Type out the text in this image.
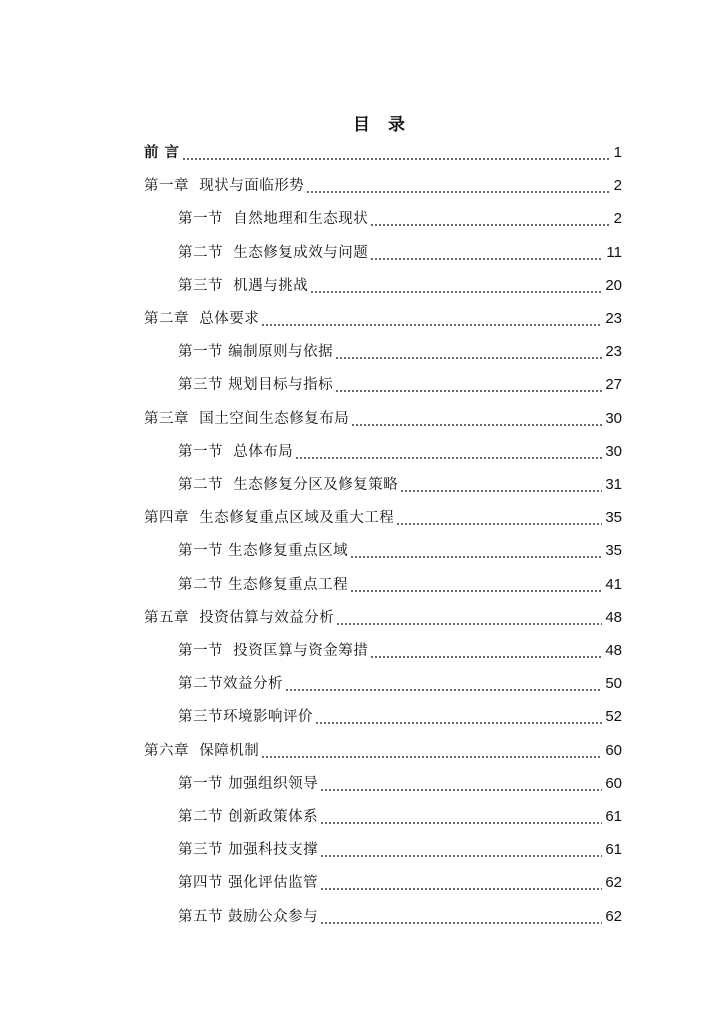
目 录
前 言	1
第一章  现状与面临形势	2
第一节  自然地理和生态现状	2
第二节  生态修复成效与问题	11
第三节  机遇与挑战	20
第二章  总体要求	23
第一节 编制原则与依据	23
第三节 规划目标与指标	27
第三章  国土空间生态修复布局	30
第一节  总体布局	30
第二节  生态修复分区及修复策略	31
第四章  生态修复重点区域及重大工程	35
第一节 生态修复重点区域	35
第二节 生态修复重点工程	41
第五章  投资估算与效益分析	48
第一节  投资匡算与资金筹措	48
第二节效益分析	50
第三节环境影响评价	52
第六章  保障机制	60
第一节 加强组织领导	60
第二节 创新政策体系	61
第三节 加强科技支撑	61
第四节 强化评估监管	62
第五节 鼓励公众参与	62
